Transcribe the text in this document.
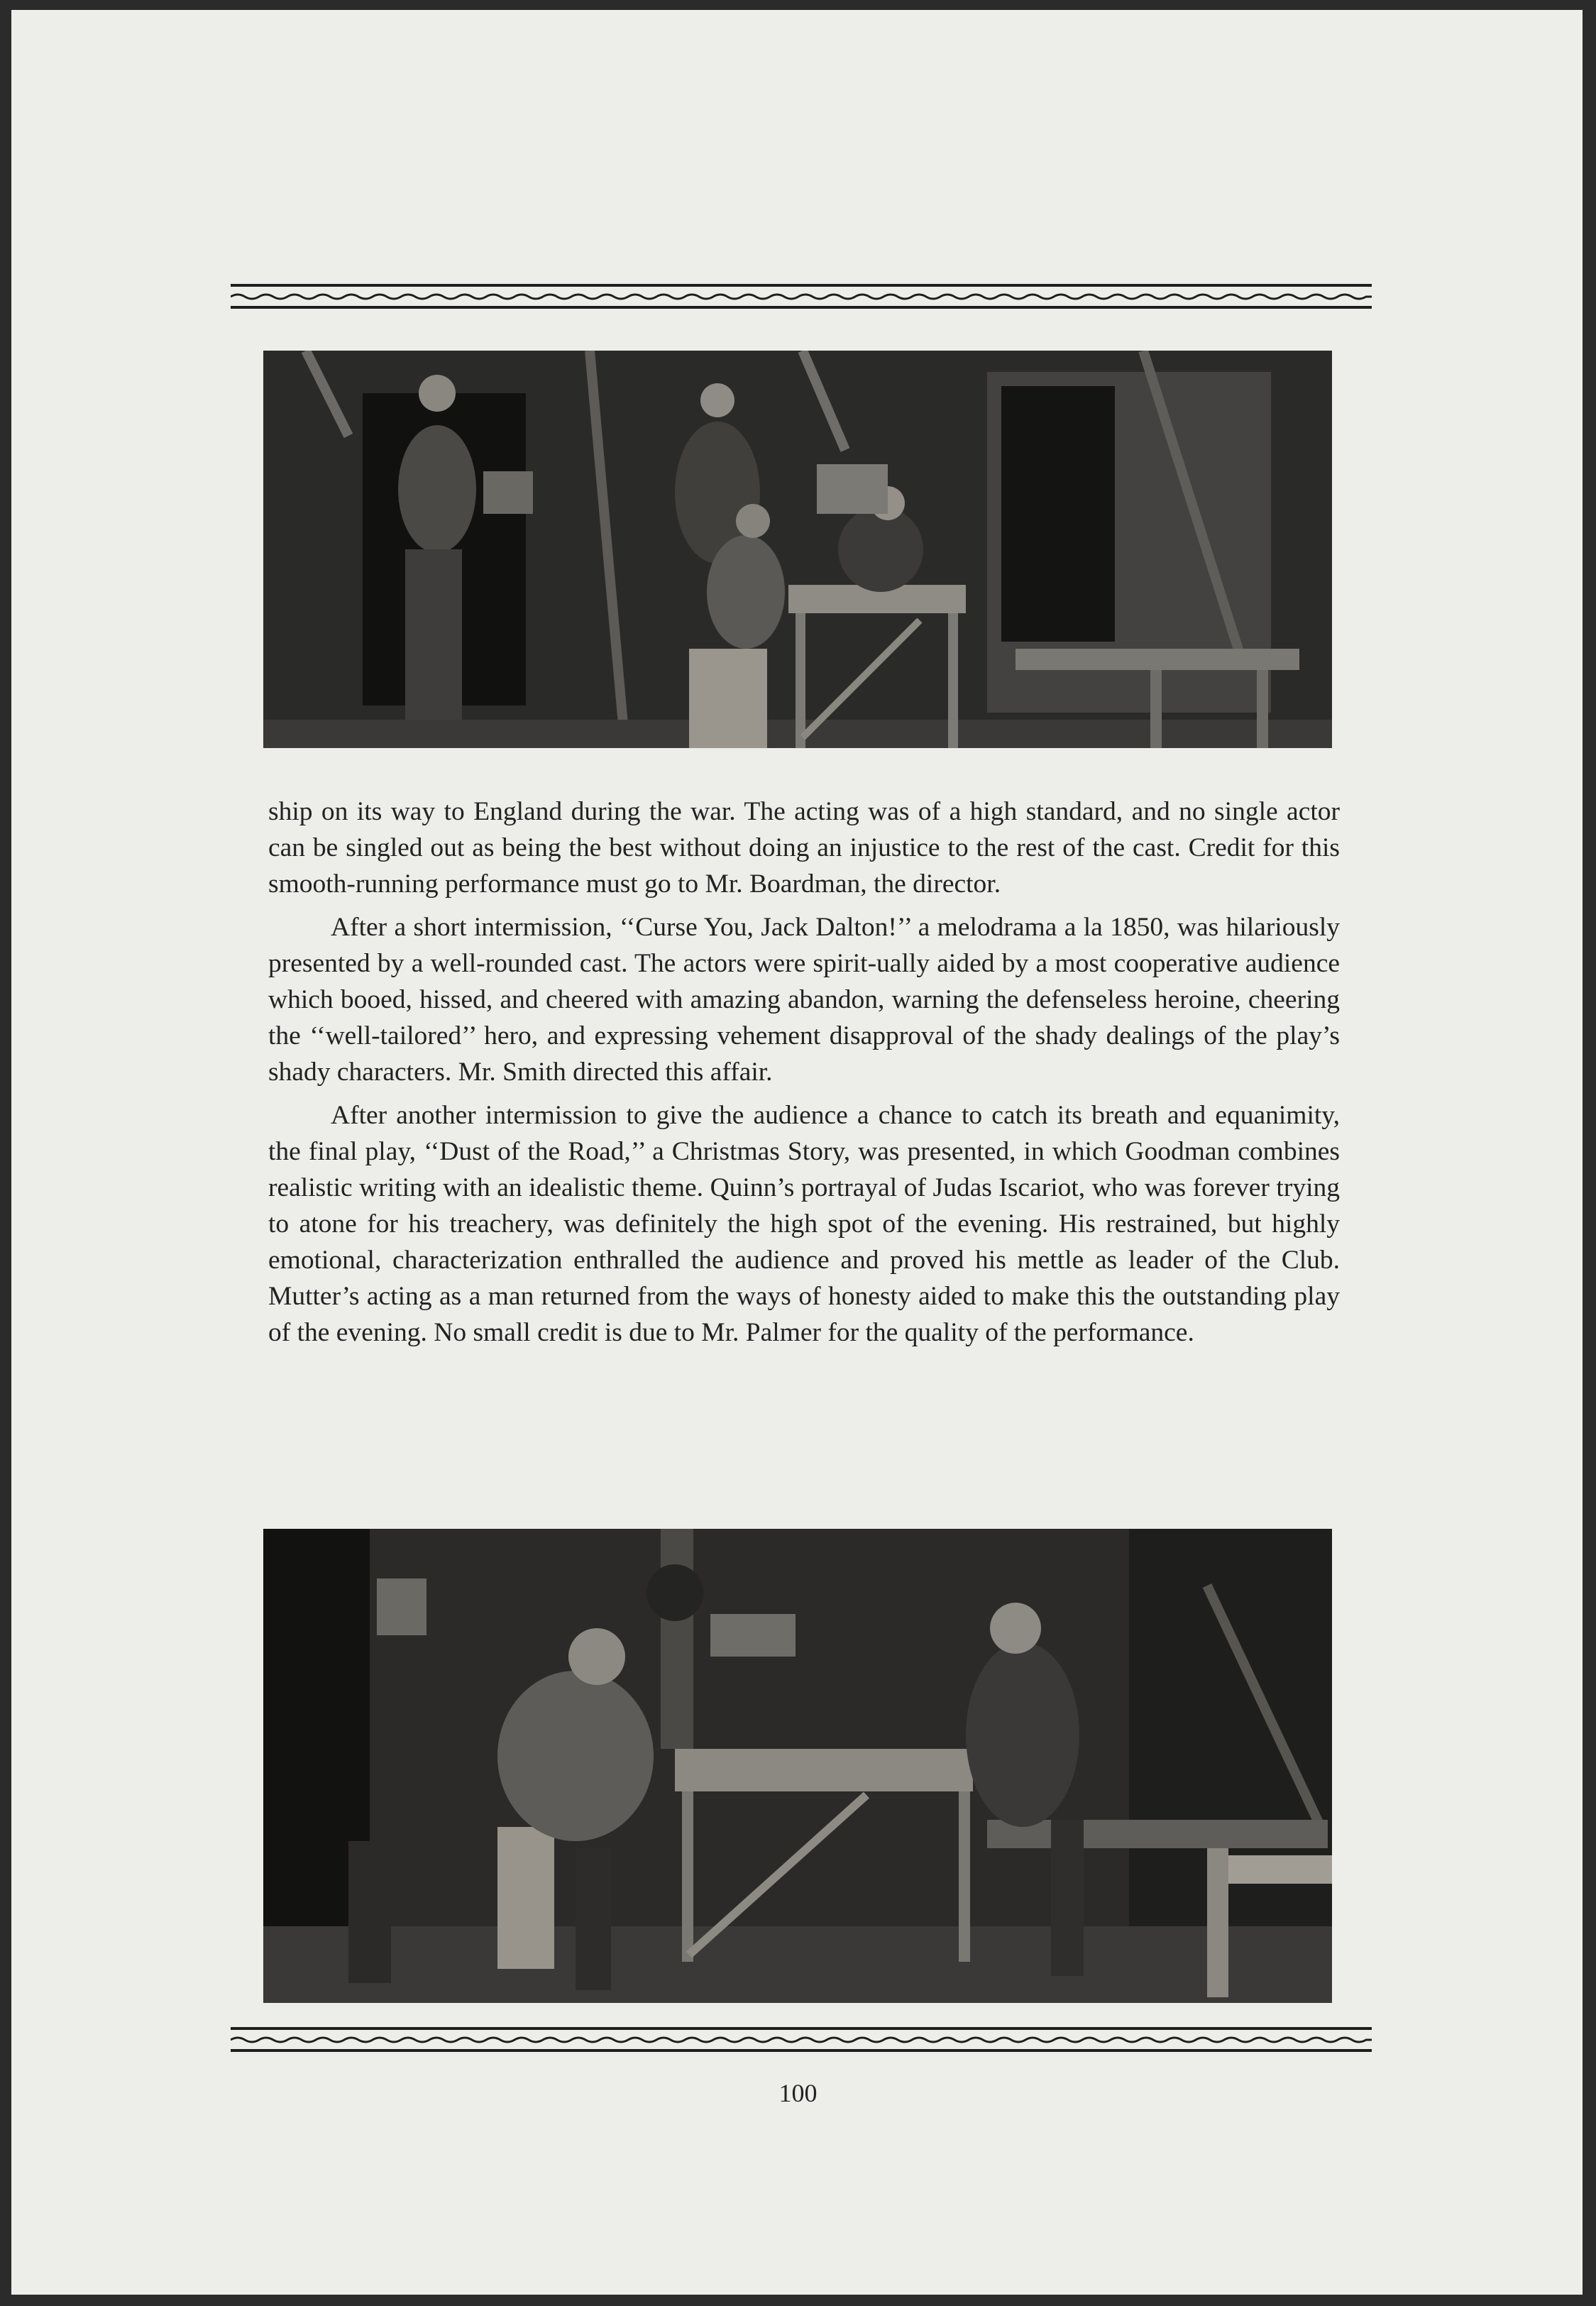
ship on its way to England during the war. The acting was of a high standard, and no single actor can be singled out as being the best without doing an injustice to the rest of the cast. Credit for this smooth-running performance must go to Mr. Boardman, the director.

After a short intermission, ‘‘Curse You, Jack Dalton!’’ a melodrama a la 1850, was hilariously presented by a well-rounded cast. The actors were spirit-ually aided by a most cooperative audience which booed, hissed, and cheered with amazing abandon, warning the defenseless heroine, cheering the ‘‘well-tailored’’ hero, and expressing vehement disapproval of the shady dealings of the play’s shady characters. Mr. Smith directed this affair.

After another intermission to give the audience a chance to catch its breath and equanimity, the final play, ‘‘Dust of the Road,’’ a Christmas Story, was presented, in which Goodman combines realistic writing with an idealistic theme. Quinn’s portrayal of Judas Iscariot, who was forever trying to atone for his treachery, was definitely the high spot of the evening. His restrained, but highly emotional, characterization enthralled the audience and proved his mettle as leader of the Club. Mutter’s acting as a man returned from the ways of honesty aided to make this the outstanding play of the evening. No small credit is due to Mr. Palmer for the quality of the performance.

100
